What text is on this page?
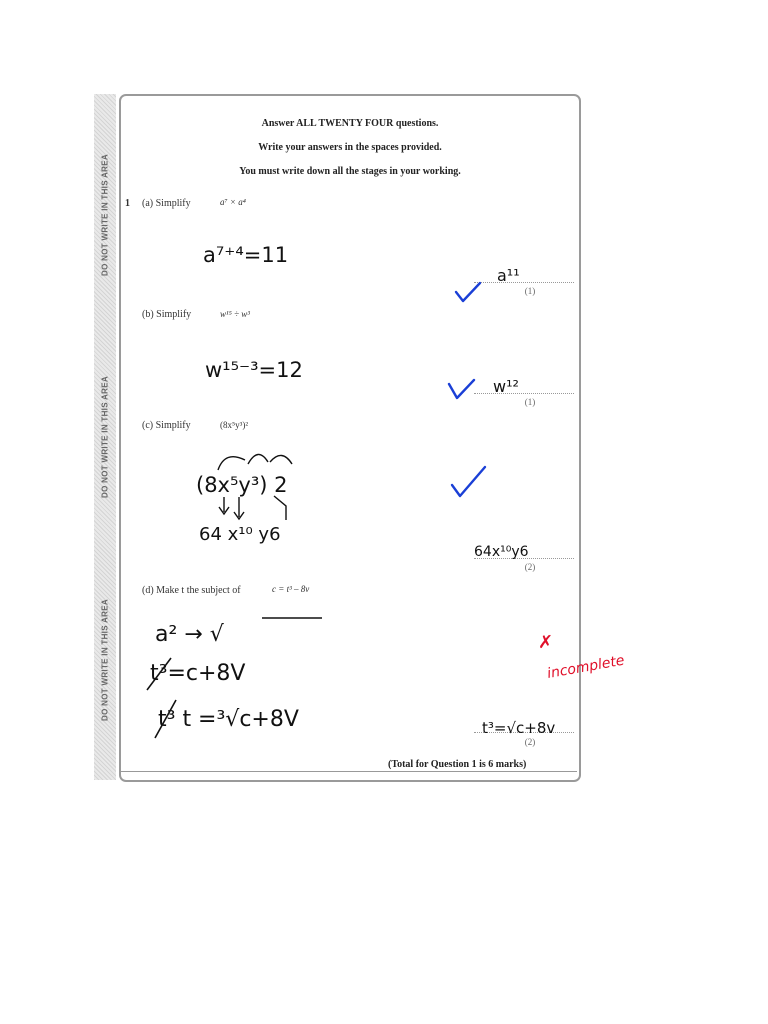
DO NOT WRITE IN THIS AREA
DO NOT WRITE IN THIS AREA
DO NOT WRITE IN THIS AREA
Answer ALL TWENTY FOUR questions.
Write your answers in the spaces provided.
You must write down all the stages in your working.
1 (a) Simplify	a⁷ × a⁴
(1)
(b) Simplify	w¹⁵ ÷ w³
(1)
(c) Simplify	(8x⁵y³)²
(2)
(d) Make t the subject of	c = t³ – 8v
(2)
(Total for Question 1 is 6 marks)
a⁷⁺⁴=11
a¹¹
w¹⁵⁻³=12
w¹²
(8x⁵y³) 2
64 x¹⁰ y6
64x¹⁰y6
a² → √
t³=c+8V
t³ t =³√c+8V	t³=√c+8v
✗
incomplete
